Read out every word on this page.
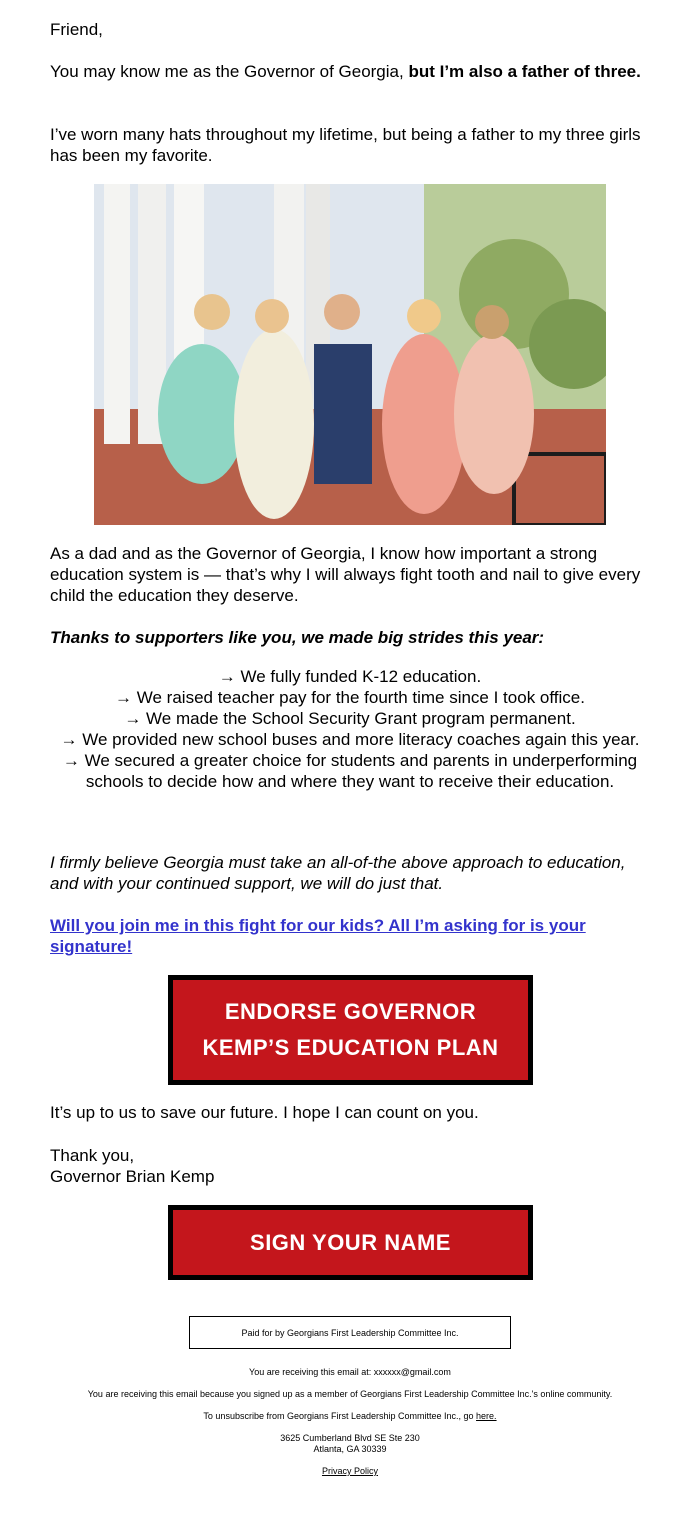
Friend,

You may know me as the Governor of Georgia, but I’m also a father of three.

I’ve worn many hats throughout my lifetime, but being a father to my three girls has been my favorite.

As a dad and as the Governor of Georgia, I know how important a strong education system is — that’s why I will always fight tooth and nail to give every child the education they deserve.

Thanks to supporters like you, we made big strides this year:

→ We fully funded K-12 education.

→ We raised teacher pay for the fourth time since I took office.

→ We made the School Security Grant program permanent.

→ We provided new school buses and more literacy coaches again this year.

→ We secured a greater choice for students and parents in underperforming schools to decide how and where they want to receive their education.

I firmly believe Georgia must take an all-of-the above approach to education, and with your continued support, we will do just that.

Will you join me in this fight for our kids? All I’m asking for is your signature!

ENDORSE GOVERNOR
KEMP’S EDUCATION PLAN

It’s up to us to save our future. I hope I can count on you.

Thank you,

Governor Brian Kemp

SIGN YOUR NAME
Paid for by Georgians First Leadership Committee Inc.

You are receiving this email at: xxxxxx@gmail.com

You are receiving this email because you signed up as a member of Georgians First Leadership Committee Inc.'s online community.

To unsubscribe from Georgians First Leadership Committee Inc., go here.

3625 Cumberland Blvd SE Ste 230

Atlanta, GA 30339

Privacy Policy
